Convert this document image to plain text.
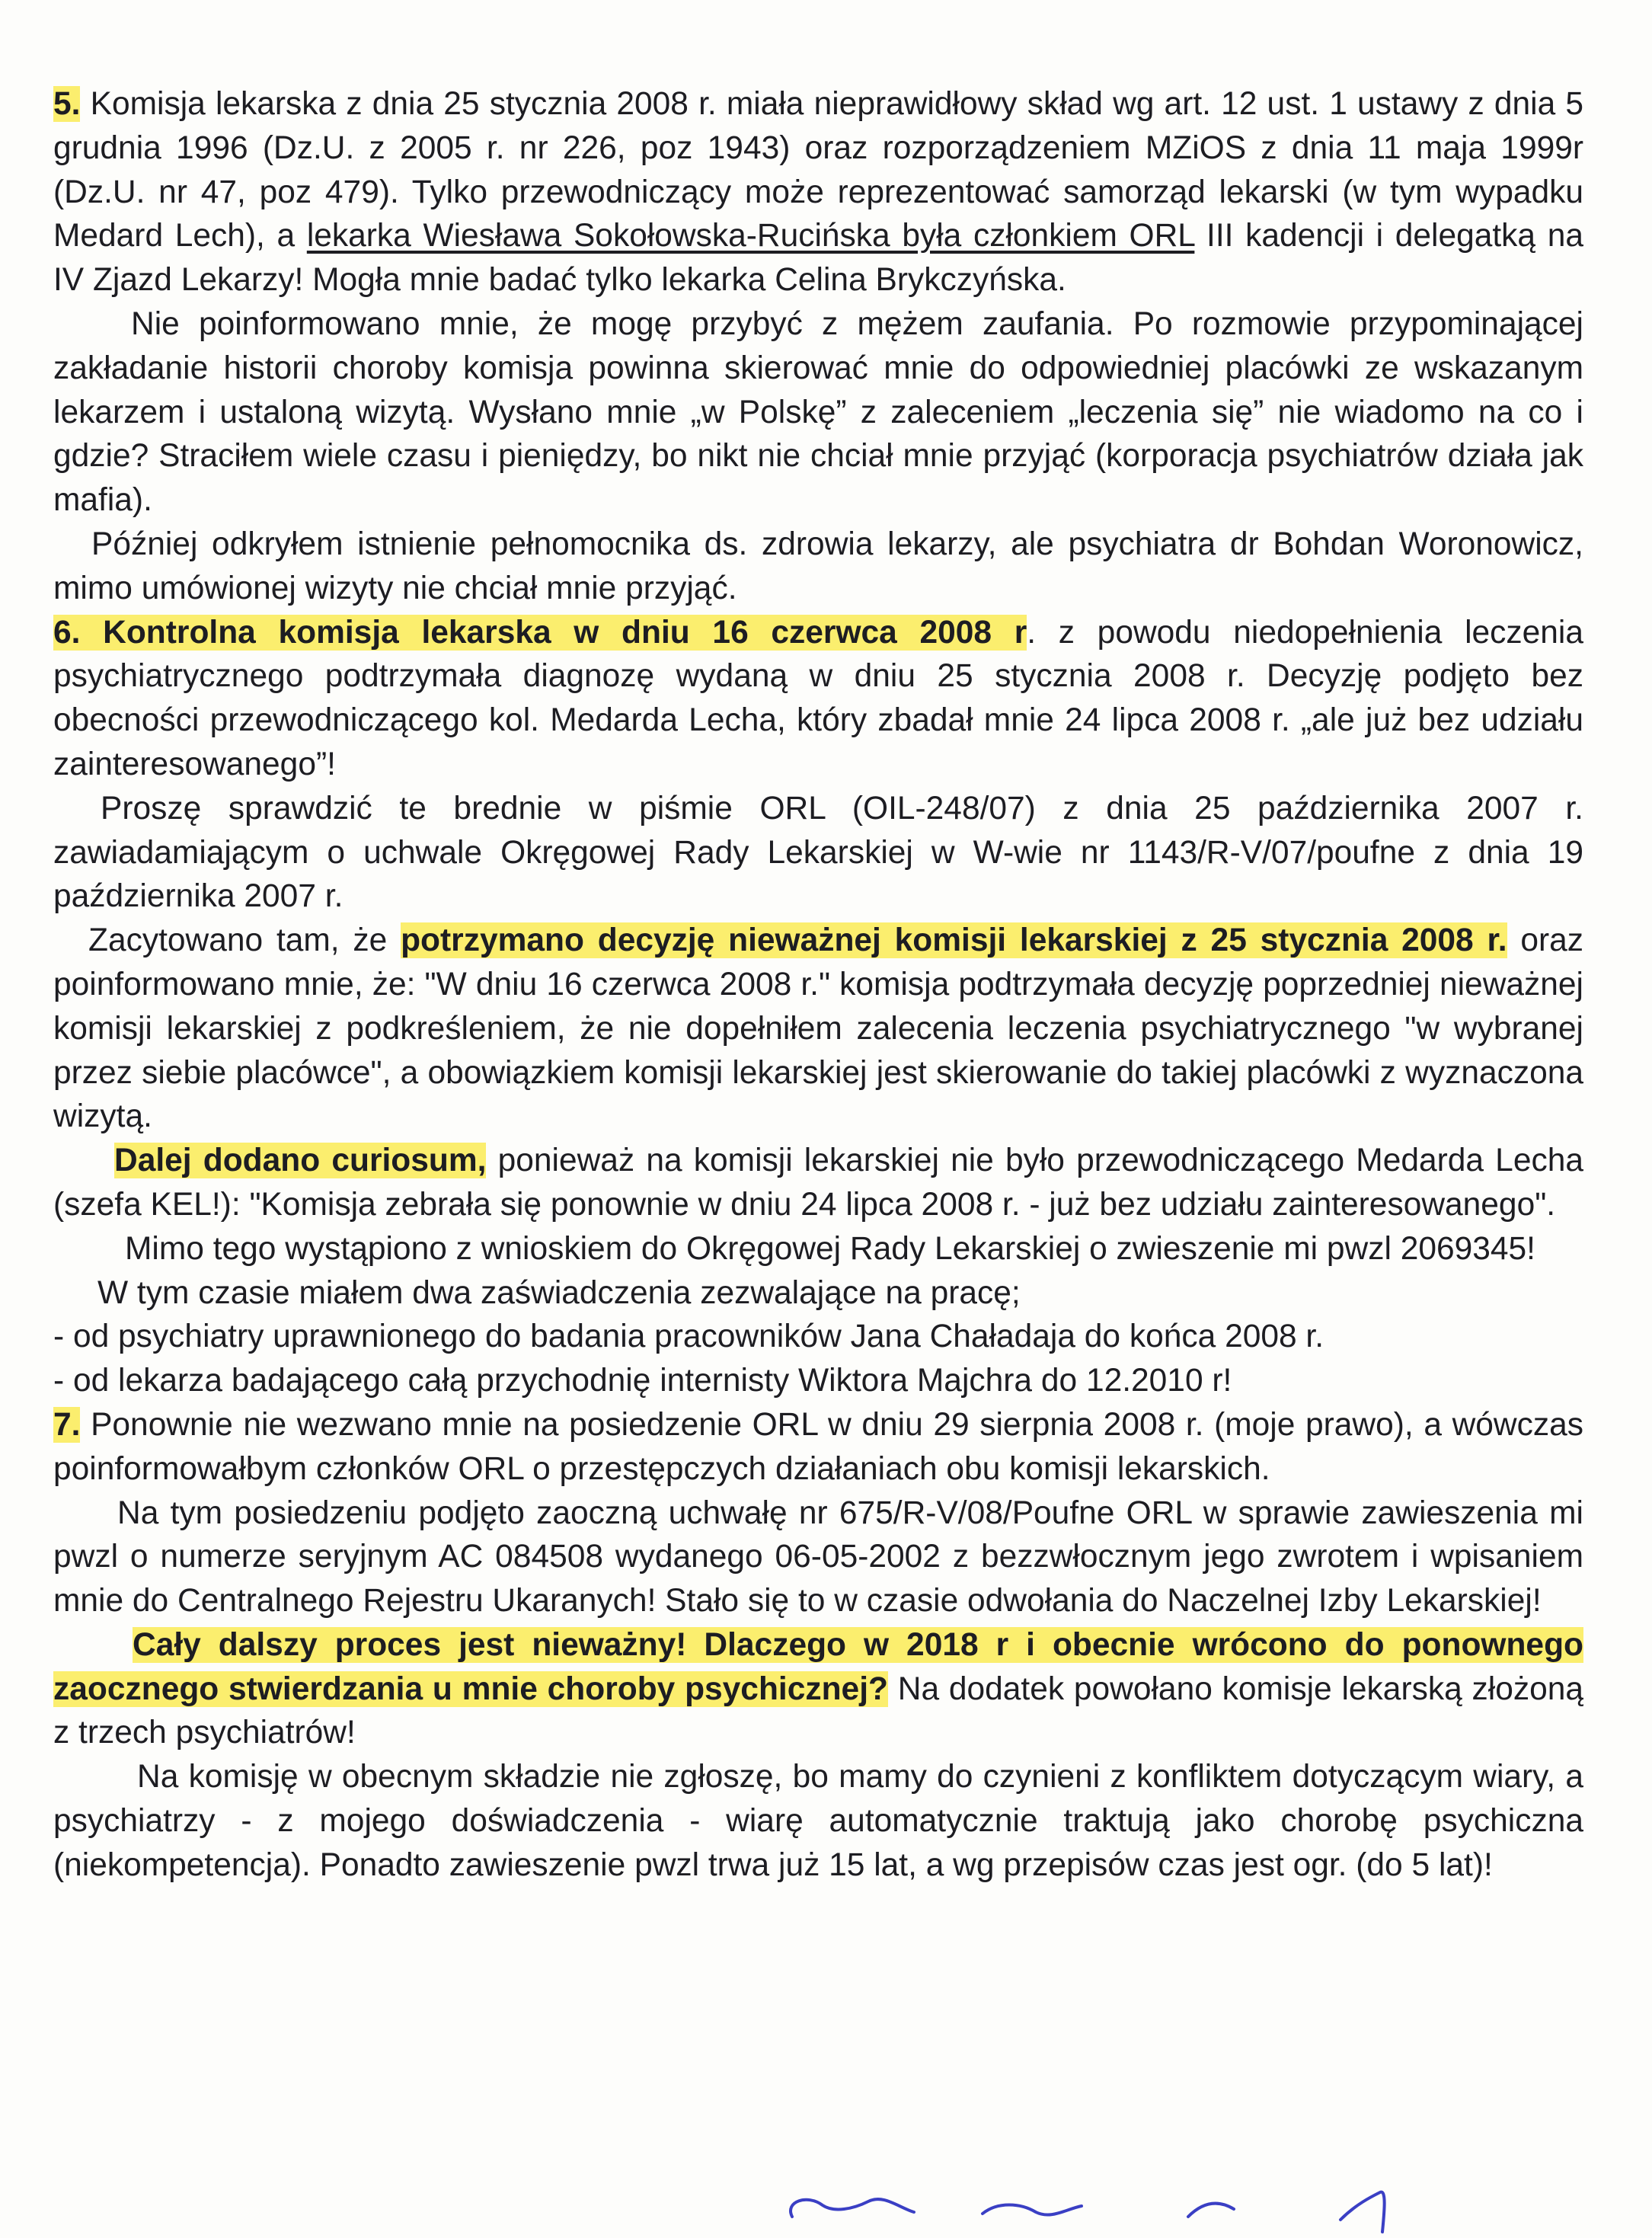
5. Komisja lekarska z dnia 25 stycznia 2008 r. miała nieprawidłowy skład wg art. 12 ust. 1 ustawy z dnia 5 grudnia 1996 (Dz.U. z 2005 r. nr 226, poz 1943) oraz rozporządzeniem MZiOS z dnia 11 maja 1999r (Dz.U. nr 47, poz 479). Tylko przewodniczący może reprezentować samorząd lekarski (w tym wypadku Medard Lech), a lekarka Wiesława Sokołowska-Rucińska była członkiem ORL III kadencji i delegatką na IV Zjazd Lekarzy! Mogła mnie badać tylko lekarka Celina Brykczyńska.

Nie poinformowano mnie, że mogę przybyć z mężem zaufania. Po rozmowie przypominającej zakładanie historii choroby komisja powinna skierować mnie do odpowiedniej placówki ze wskazanym lekarzem i ustaloną wizytą. Wysłano mnie „w Polskę” z zaleceniem „leczenia się” nie wiadomo na co i gdzie? Straciłem wiele czasu i pieniędzy, bo nikt nie chciał mnie przyjąć (korporacja psychiatrów działa jak mafia).

Później odkryłem istnienie pełnomocnika ds. zdrowia lekarzy, ale psychiatra dr Bohdan Woronowicz, mimo umówionej wizyty nie chciał mnie przyjąć.

6. Kontrolna komisja lekarska w dniu 16 czerwca 2008 r. z powodu niedopełnienia leczenia psychiatrycznego podtrzymała diagnozę wydaną w dniu 25 stycznia 2008 r. Decyzję podjęto bez obecności przewodniczącego kol. Medarda Lecha, który zbadał mnie 24 lipca 2008 r. „ale już bez udziału zainteresowanego”!

Proszę sprawdzić te brednie w piśmie ORL (OIL-248/07) z dnia 25 października 2007 r. zawiadamiającym o uchwale Okręgowej Rady Lekarskiej w W-wie nr 1143/R-V/07/poufne z dnia 19 października 2007 r.

Zacytowano tam, że potrzymano decyzję nieważnej komisji lekarskiej z 25 stycznia 2008 r. oraz poinformowano mnie, że: "W dniu 16 czerwca 2008 r." komisja podtrzymała decyzję poprzedniej nieważnej komisji lekarskiej z podkreśleniem, że nie dopełniłem zalecenia leczenia psychiatrycznego "w wybranej przez siebie placówce", a obowiązkiem komisji lekarskiej jest skierowanie do takiej placówki z wyznaczona wizytą.

Dalej dodano curiosum, ponieważ na komisji lekarskiej nie było przewodniczącego Medarda Lecha (szefa KEL!): "Komisja zebrała się ponownie w dniu 24 lipca 2008 r. - już bez udziału zainteresowanego".

Mimo tego wystąpiono z wnioskiem do Okręgowej Rady Lekarskiej o zwieszenie mi pwzl 2069345!

W tym czasie miałem dwa zaświadczenia zezwalające na pracę;

- od psychiatry uprawnionego do badania pracowników Jana Chaładaja do końca 2008 r.
- od lekarza badającego całą przychodnię internisty Wiktora Majchra do 12.2010 r!

7. Ponownie nie wezwano mnie na posiedzenie ORL w dniu 29 sierpnia 2008 r. (moje prawo), a wówczas poinformowałbym członków ORL o przestępczych działaniach obu komisji lekarskich.

Na tym posiedzeniu podjęto zaoczną uchwałę nr 675/R-V/08/Poufne ORL w sprawie zawieszenia mi pwzl o numerze seryjnym AC 084508 wydanego 06-05-2002 z bezzwłocznym jego zwrotem i wpisaniem mnie do Centralnego Rejestru Ukaranych! Stało się to w czasie odwołania do Naczelnej Izby Lekarskiej!

Cały dalszy proces jest nieważny! Dlaczego w 2018 r i obecnie wrócono do ponownego zaocznego stwierdzania u mnie choroby psychicznej? Na dodatek powołano komisje lekarską złożoną z trzech psychiatrów!

Na komisję w obecnym składzie nie zgłoszę, bo mamy do czynieni z konfliktem dotyczącym wiary, a psychiatrzy - z mojego doświadczenia - wiarę automatycznie traktują jako chorobę psychiczna (niekompetencja). Ponadto zawieszenie pwzl trwa już 15 lat, a wg przepisów czas jest ogr. (do 5 lat)!
